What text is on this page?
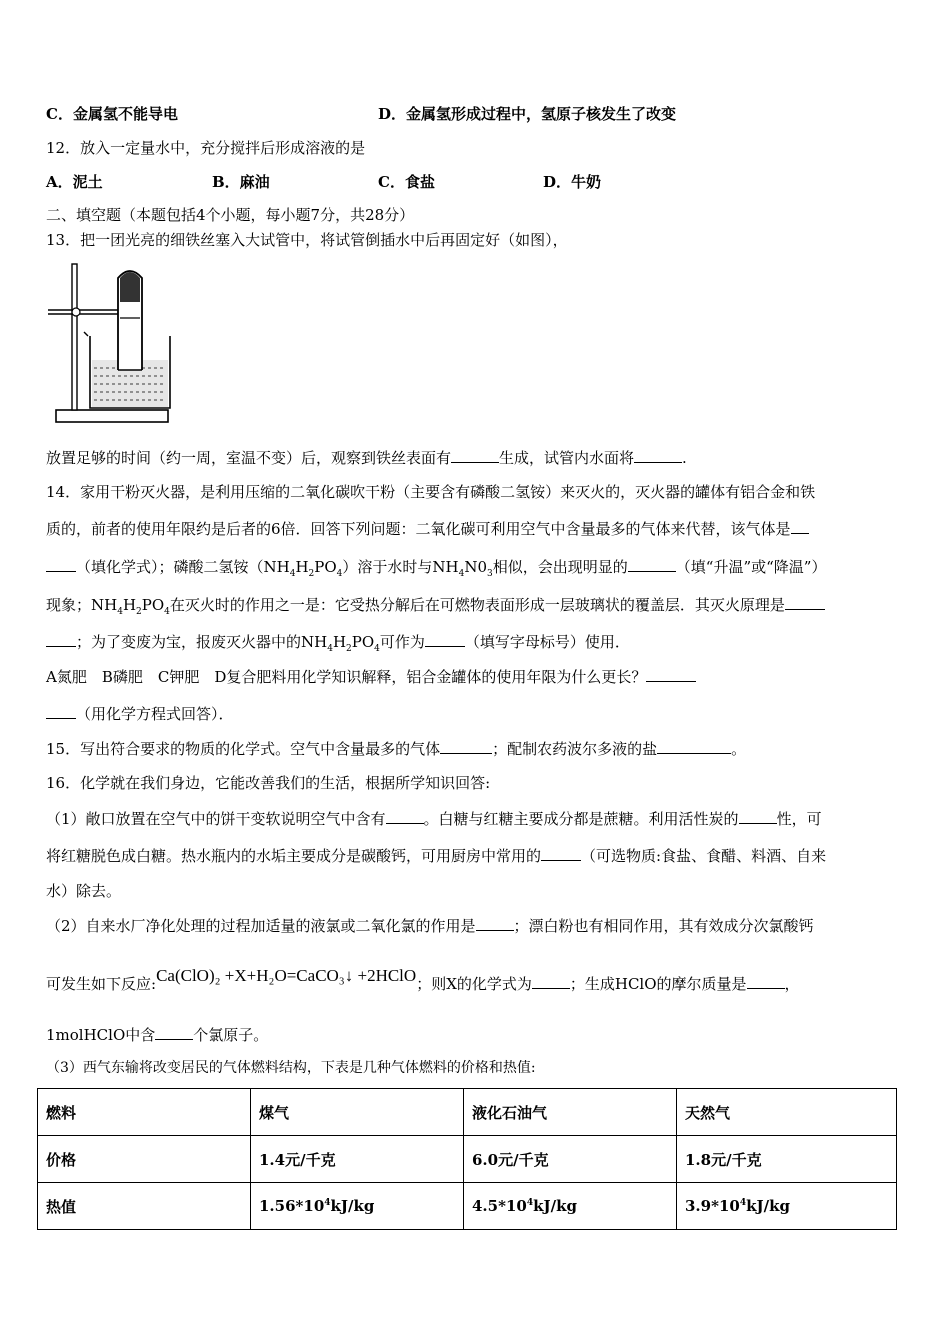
C．金属氢不能导电	D．金属氢形成过程中，氢原子核发生了改变
12．放入一定量水中，充分搅拌后形成溶液的是
A．泥土	B．麻油	C．食盐	D．牛奶
二、填空题（本题包括4个小题，每小题7分，共28分）
13．把一团光亮的细铁丝塞入大试管中，将试管倒插水中后再固定好（如图），
放置足够的时间（约一周，室温不变）后，观察到铁丝表面有	生成，试管内水面将	.
14．家用干粉灭火器，是利用压缩的二氧化碳吹干粉（主要含有磷酸二氢铵）来灭火的，灭火器的罐体有铝合金和铁
质的，前者的使用年限约是后者的6倍．回答下列问题：二氧化碳可利用空气中含量最多的气体来代替，该气体是
（填化学式）；磷酸二氢铵$(NH_4H_2PO_4)$溶于水时与$NH_4N0_3$相似，会出现明显的	（填“升温”或“降温”）
现象；$NH_4H_2PO_4$在灭火时的作用之一是：它受热分解后在可燃物表面形成一层玻璃状的覆盖层．其灭火原理是
；为了变废为宝，报废灭火器中的$NH_4H_2PO_4$可作为	（填写字母标号）使用．
A氮肥　B磷肥　C钾肥　D复合肥料用化学知识解释，铝合金罐体的使用年限为什么更长？
（用化学方程式回答）．
15．写出符合要求的物质的化学式。空气中含量最多的气体	；配制农药波尔多液的盐	。
16．化学就在我们身边，它能改善我们的生活，根据所学知识回答:
（1）敞口放置在空气中的饼干变软说明空气中含有	。白糖与红糖主要成分都是蔗糖。利用活性炭的	性，可
将红糖脱色成白糖。热水瓶内的水垢主要成分是碳酸钙，可用厨房中常用的	（可选物质:食盐、食醋、料酒、自来
水）除去。
（2）自来水厂净化处理的过程加适量的液氯或二氧化氯的作用是	；漂白粉也有相同作用，其有效成分次氯酸钙
可发生如下反应:Ca(ClO)₂ +X+H₂O=CaCO₃↓ +2HClO；则X的化学式为	；生成HClO的摩尔质量是	，
1molHClO中含	个氯原子。
（3）西气东输将改变居民的气体燃料结构，下表是几种气体燃料的价格和热值:
燃料	煤气	液化石油气	天然气
价格	1.4元/千克	6.0元/千克	1.8元/千克
热值	$1.56*10^4kJ/kg$	$4.5*10^4kJ/kg$	$3.9*10^4kJ/kg$
